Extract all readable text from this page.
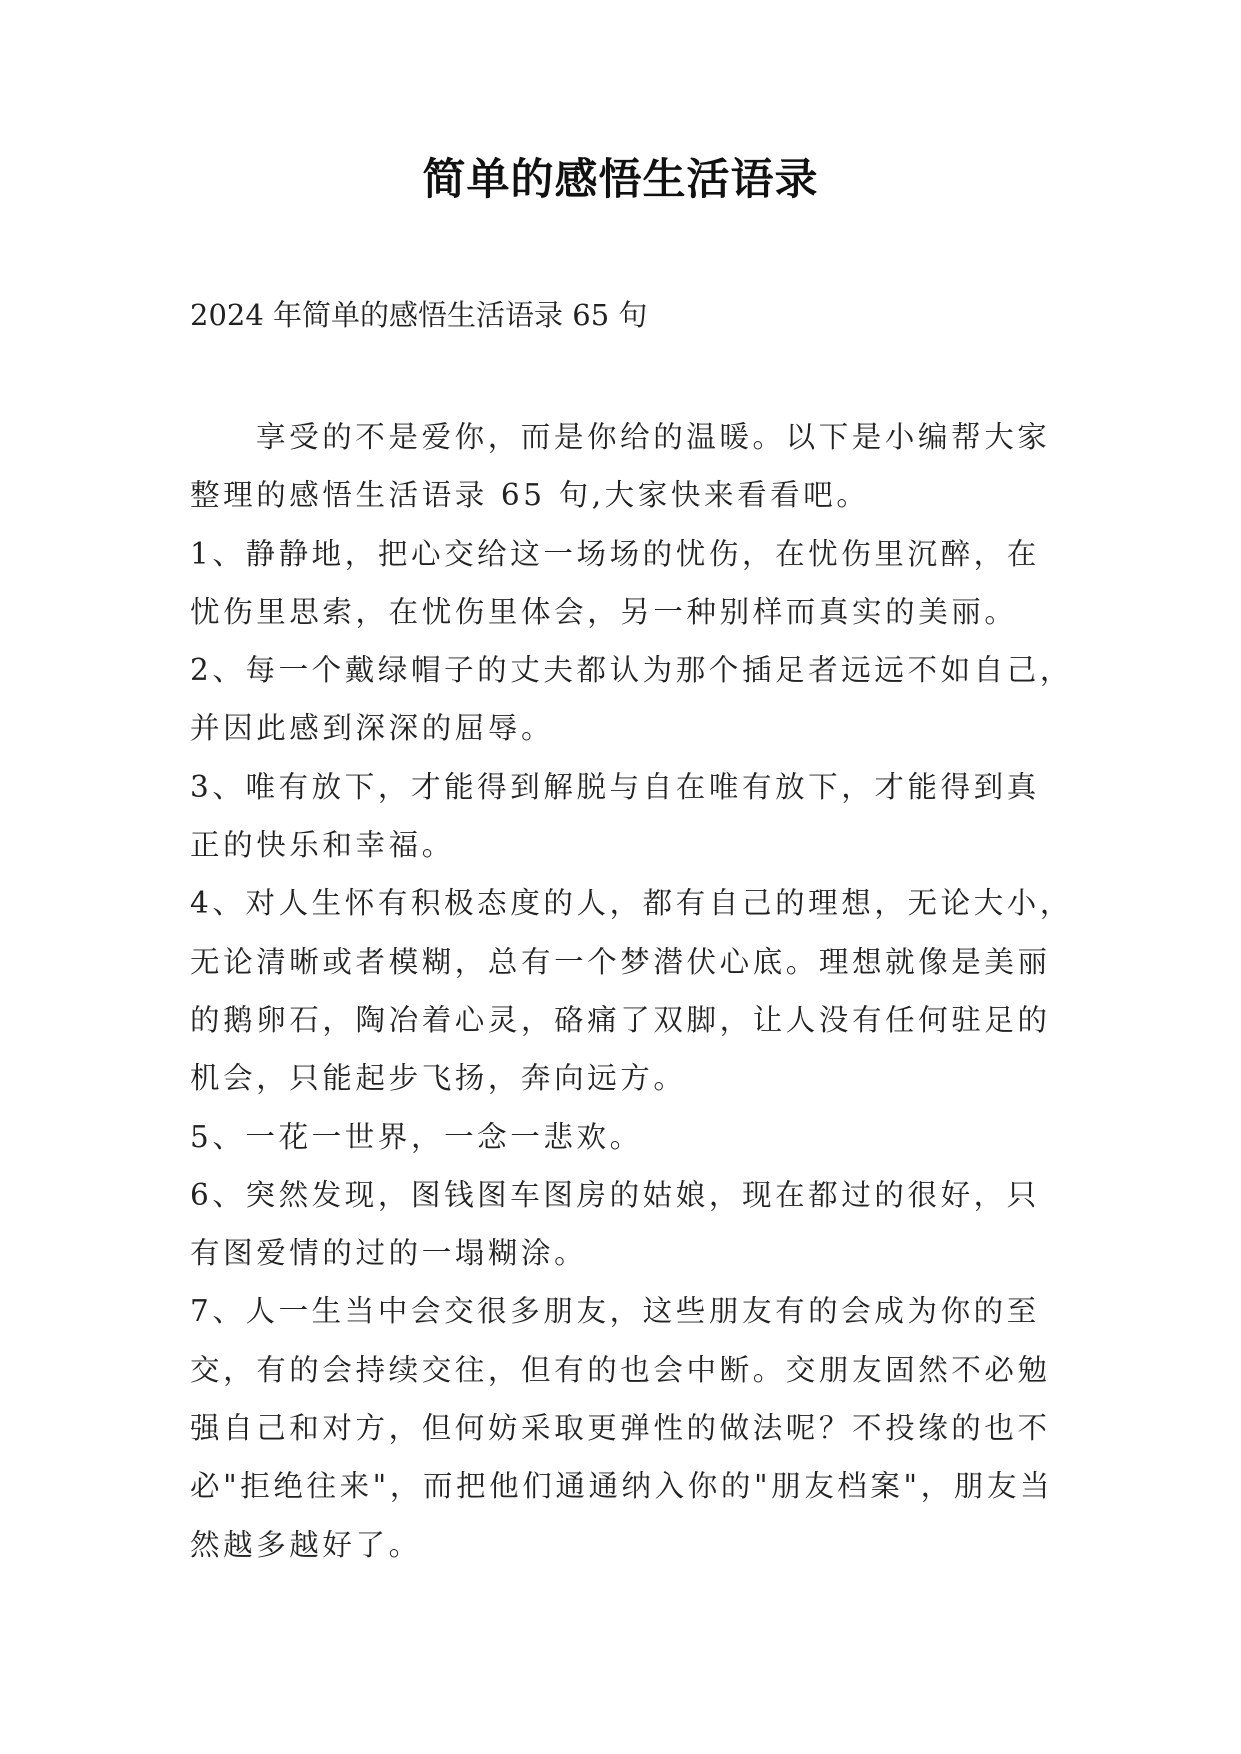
简单的感悟生活语录
2024 年简单的感悟生活语录 65 句
享受的不是爱你，而是你给的温暖。以下是小编帮大家
整理的感悟生活语录 65 句,大家快来看看吧。
1、静静地，把心交给这一场场的忧伤，在忧伤里沉醉，在
忧伤里思索，在忧伤里体会，另一种别样而真实的美丽。
2、每一个戴绿帽子的丈夫都认为那个插足者远远不如自己，
并因此感到深深的屈辱。
3、唯有放下，才能得到解脱与自在唯有放下，才能得到真
正的快乐和幸福。
4、对人生怀有积极态度的人，都有自己的理想，无论大小，
无论清晰或者模糊，总有一个梦潜伏心底。理想就像是美丽
的鹅卵石，陶冶着心灵，硌痛了双脚，让人没有任何驻足的
机会，只能起步飞扬，奔向远方。
5、一花一世界，一念一悲欢。
6、突然发现，图钱图车图房的姑娘，现在都过的很好，只
有图爱情的过的一塌糊涂。
7、人一生当中会交很多朋友，这些朋友有的会成为你的至
交，有的会持续交往，但有的也会中断。交朋友固然不必勉
强自己和对方，但何妨采取更弹性的做法呢？不投缘的也不
必"拒绝往来"，而把他们通通纳入你的"朋友档案"，朋友当
然越多越好了。
